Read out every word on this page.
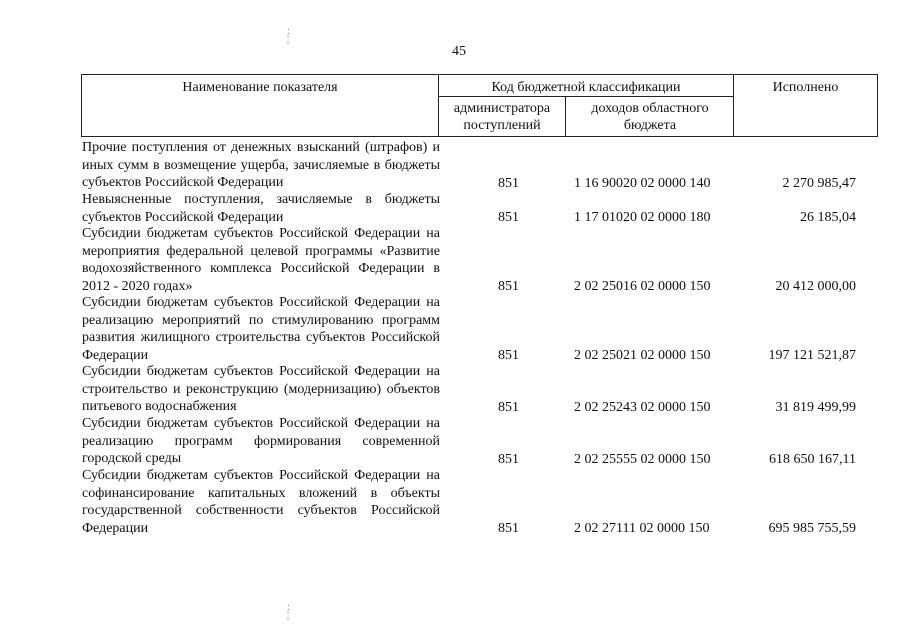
45
:
¦
:
¦
Наименование показателя	Код бюджетной классификации	Исполнено
администратора поступлений
доходов областного бюджета
Прочие поступления от денежных взысканий (штрафов) и иных сумм в возмещение ущерба, зачисляемые в бюджеты субъектов Российской Федерации	851	1 16 90020 02 0000 140	2 270 985,47
Невыясненные поступления, зачисляемые в бюджеты субъектов Российской Федерации	851	1 17 01020 02 0000 180	26 185,04
Субсидии бюджетам субъектов Российской Федерации на мероприятия федеральной целевой программы «Развитие водохозяйственного комплекса Российской Федерации в 2012 - 2020 годах»	851	2 02 25016 02 0000 150	20 412 000,00
Субсидии бюджетам субъектов Российской Федерации на реализацию мероприятий по стимулированию программ развития жилищного строительства субъектов Российской Федерации	851	2 02 25021 02 0000 150	197 121 521,87
Субсидии бюджетам субъектов Российской Федерации на строительство и реконструкцию (модернизацию) объектов питьевого водоснабжения	851	2 02 25243 02 0000 150	31 819 499,99
Субсидии бюджетам субъектов Российской Федерации на реализацию программ формирования современной городской среды	851	2 02 25555 02 0000 150	618 650 167,11
Субсидии бюджетам субъектов Российской Федерации на софинансирование капитальных вложений в объекты государственной собственности субъектов Российской Федерации	851	2 02 27111 02 0000 150	695 985 755,59
